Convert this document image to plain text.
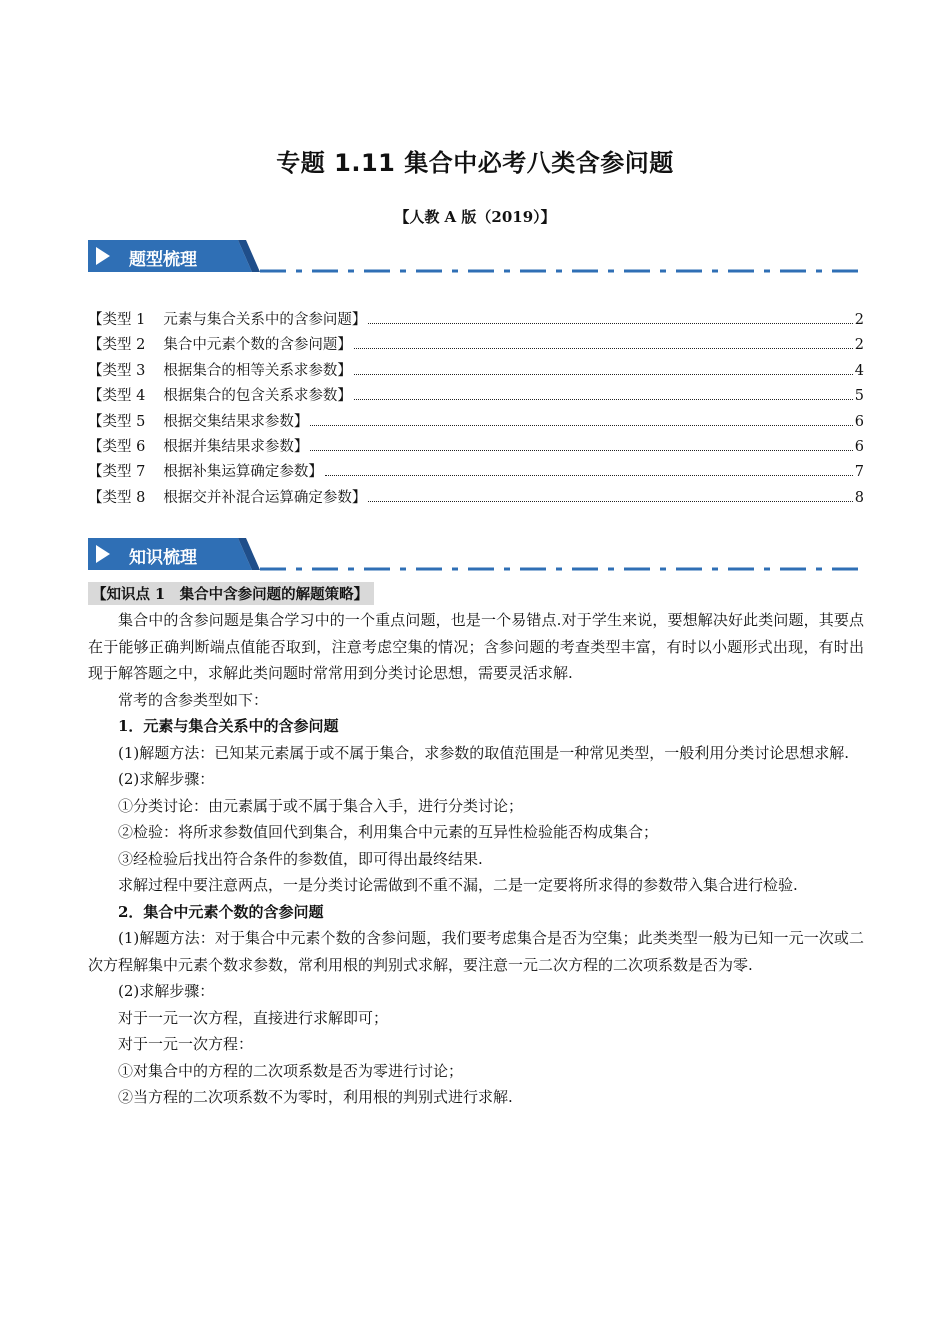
专题 1.11 集合中必考八类含参问题
【人教 A 版（2019）】
题型梳理
【类型 1 元素与集合关系中的含参问题】	2
【类型 2 集合中元素个数的含参问题】	2
【类型 3 根据集合的相等关系求参数】	4
【类型 4 根据集合的包含关系求参数】	5
【类型 5 根据交集结果求参数】	6
【类型 6 根据并集结果求参数】	6
【类型 7 根据补集运算确定参数】	7
【类型 8 根据交并补混合运算确定参数】	8
知识梳理
【知识点 1　集合中含参问题的解题策略】

集合中的含参问题是集合学习中的一个重点问题，也是一个易错点.对于学生来说，要想解决好此类问题，其要点在于能够正确判断端点值能否取到，注意考虑空集的情况；含参问题的考查类型丰富，有时以小题形式出现，有时出现于解答题之中，求解此类问题时常常用到分类讨论思想，需要灵活求解.

常考的含参类型如下：

1．元素与集合关系中的含参问题

(1)解题方法：已知某元素属于或不属于集合，求参数的取值范围是一种常见类型，一般利用分类讨论思想求解.

(2)求解步骤：

①分类讨论：由元素属于或不属于集合入手，进行分类讨论；

②检验：将所求参数值回代到集合，利用集合中元素的互异性检验能否构成集合；

③经检验后找出符合条件的参数值，即可得出最终结果.

求解过程中要注意两点，一是分类讨论需做到不重不漏，二是一定要将所求得的参数带入集合进行检验.

2．集合中元素个数的含参问题

(1)解题方法：对于集合中元素个数的含参问题，我们要考虑集合是否为空集；此类类型一般为已知一元一次或二次方程解集中元素个数求参数，常利用根的判别式求解，要注意一元二次方程的二次项系数是否为零.

(2)求解步骤：

对于一元一次方程，直接进行求解即可；

对于一元一次方程：

①对集合中的方程的二次项系数是否为零进行讨论；

②当方程的二次项系数不为零时，利用根的判别式进行求解.
